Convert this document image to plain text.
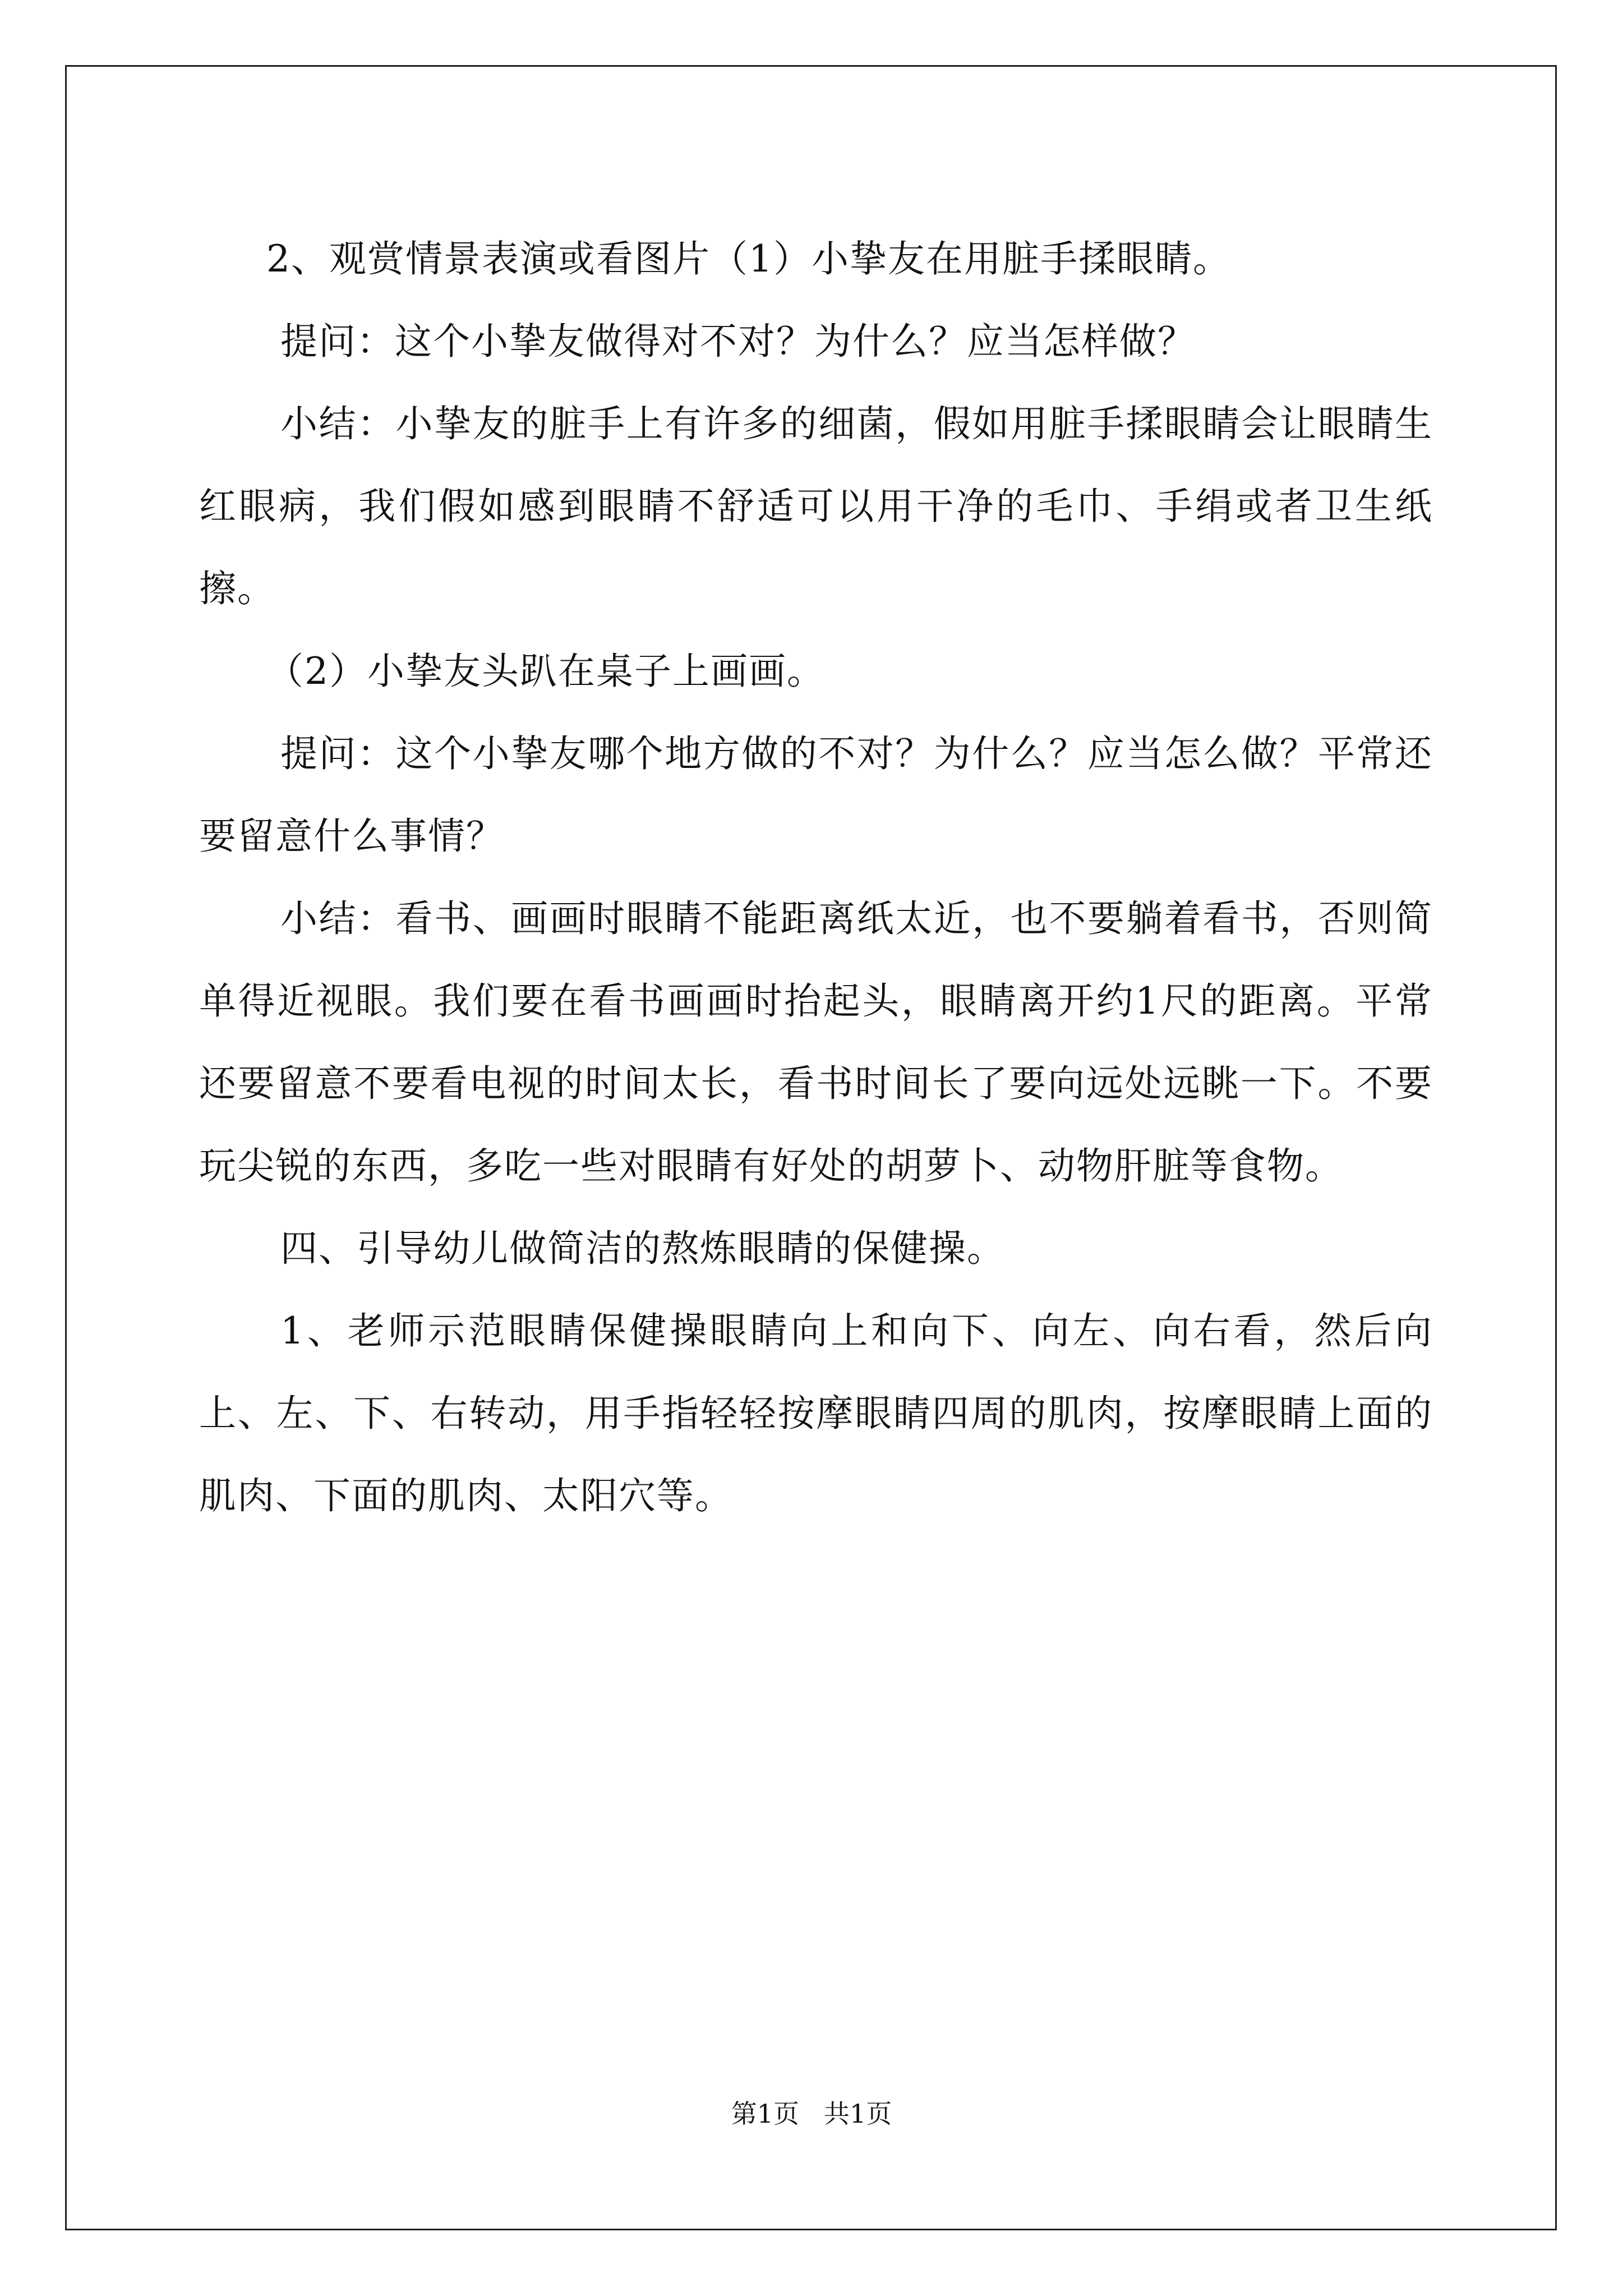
2、观赏情景表演或看图片（1）小挚友在用脏手揉眼睛。

提问：这个小挚友做得对不对？为什么？应当怎样做？

小结：小挚友的脏手上有许多的细菌，假如用脏手揉眼睛会让眼睛生红眼病，我们假如感到眼睛不舒适可以用干净的毛巾、手绢或者卫生纸擦。

（2）小挚友头趴在桌子上画画。

提问：这个小挚友哪个地方做的不对？为什么？应当怎么做？平常还要留意什么事情？

小结：看书、画画时眼睛不能距离纸太近，也不要躺着看书，否则简单得近视眼。我们要在看书画画时抬起头，眼睛离开约1尺的距离。平常还要留意不要看电视的时间太长，看书时间长了要向远处远眺一下。不要玩尖锐的东西，多吃一些对眼睛有好处的胡萝卜、动物肝脏等食物。

四、引导幼儿做简洁的熬炼眼睛的保健操。

1、老师示范眼睛保健操眼睛向上和向下、向左、向右看，然后向上、左、下、右转动，用手指轻轻按摩眼睛四周的肌肉，按摩眼睛上面的肌肉、下面的肌肉、太阳穴等。

第1页 共1页
